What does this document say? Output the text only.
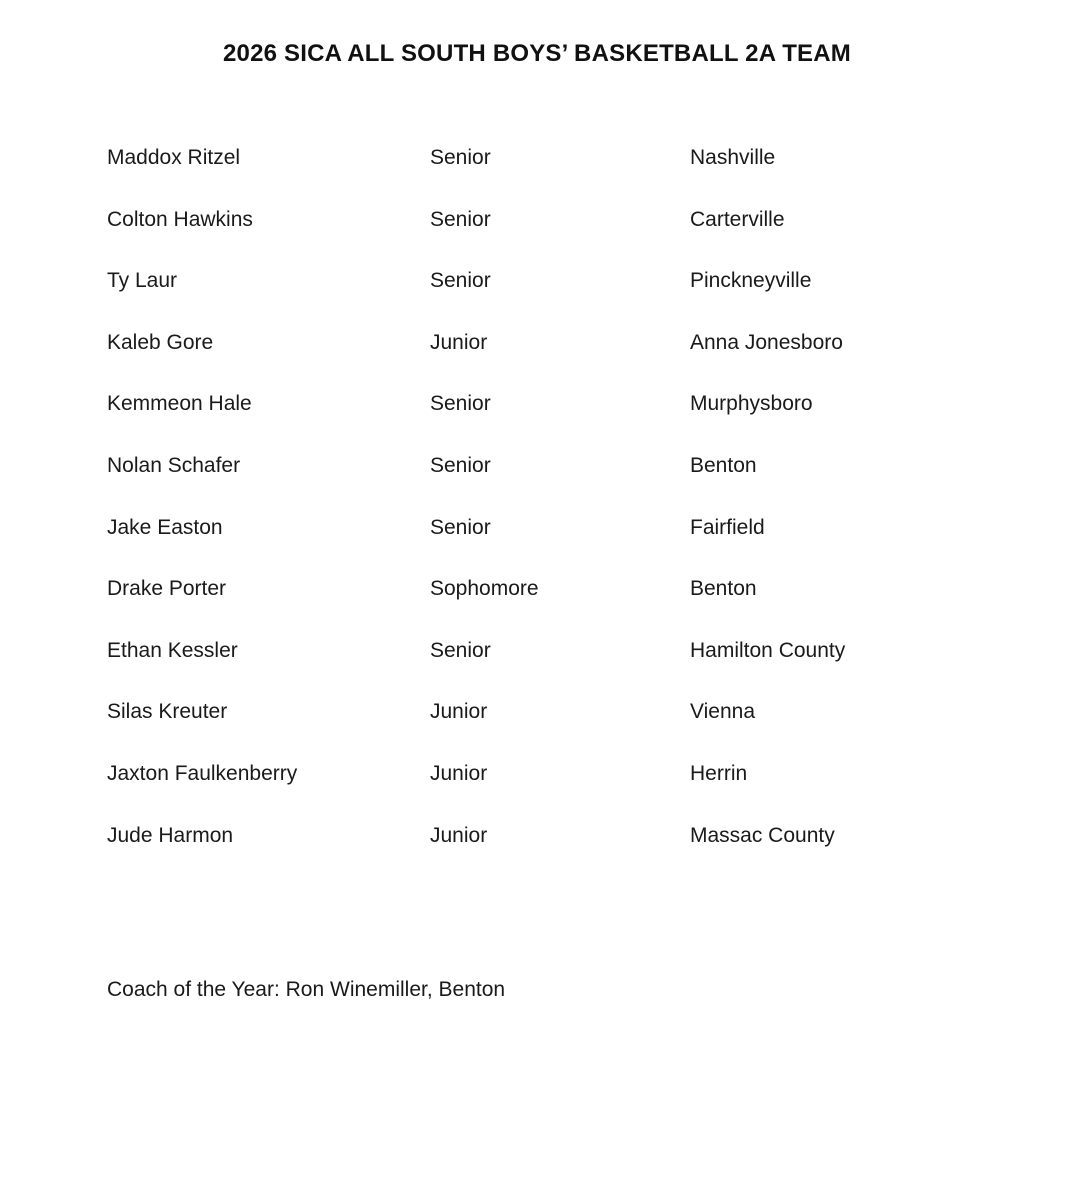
2026 SICA ALL SOUTH BOYS’ BASKETBALL 2A TEAM
Maddox Ritzel	Senior	Nashville
Colton Hawkins	Senior	Carterville
Ty Laur	Senior	Pinckneyville
Kaleb Gore	Junior	Anna Jonesboro
Kemmeon Hale	Senior	Murphysboro
Nolan Schafer	Senior	Benton
Jake Easton	Senior	Fairfield
Drake Porter	Sophomore	Benton
Ethan Kessler	Senior	Hamilton County
Silas Kreuter	Junior	Vienna
Jaxton Faulkenberry	Junior	Herrin
Jude Harmon	Junior	Massac County
Coach of the Year: Ron Winemiller, Benton
